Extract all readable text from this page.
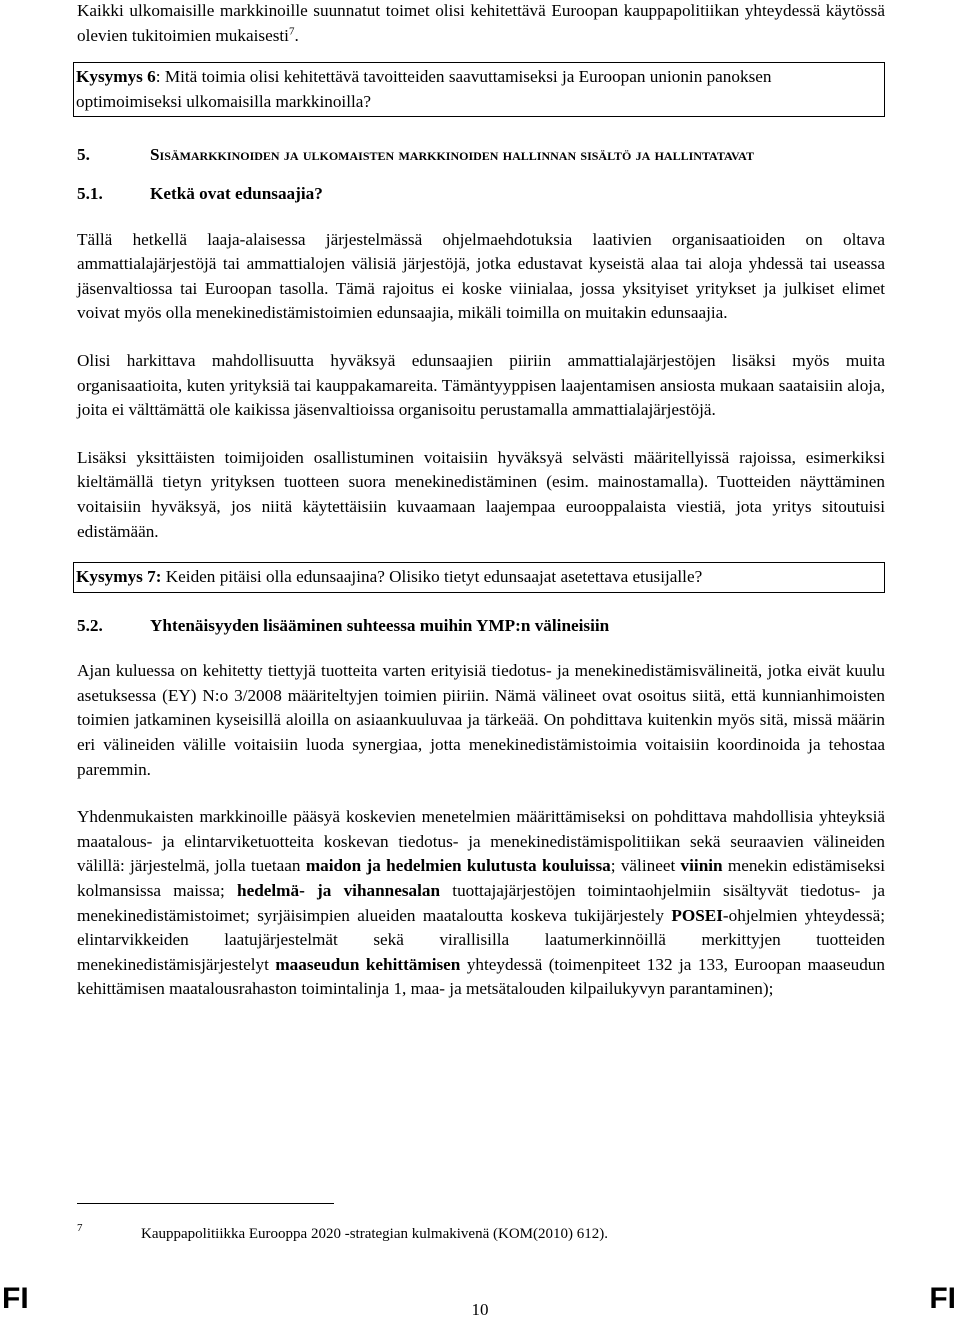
Kaikki ulkomaisille markkinoille suunnatut toimet olisi kehitettävä Euroopan kauppapolitiikan yhteydessä käytössä olevien tukitoimien mukaisesti$^7$.

Kysymys 6: Mitä toimia olisi kehitettävä tavoitteiden saavuttamiseksi ja Euroopan unionin panoksen optimoimiseksi ulkomaisilla markkinoilla?
5.	Sisämarkkinoiden ja ulkomaisten markkinoiden hallinnan sisältö ja hallintatavat
5.1.	Ketkä ovat edunsaajia?

Tällä hetkellä laaja-alaisessa järjestelmässä ohjelmaehdotuksia laativien organisaatioiden on oltava ammattialajärjestöjä tai ammattialojen välisiä järjestöjä, jotka edustavat kyseistä alaa tai aloja yhdessä tai useassa jäsenvaltiossa tai Euroopan tasolla. Tämä rajoitus ei koske viinialaa, jossa yksityiset yritykset ja julkiset elimet voivat myös olla menekinedistämistoimien edunsaajia, mikäli toimilla on muitakin edunsaajia.

Olisi harkittava mahdollisuutta hyväksyä edunsaajien piiriin ammattialajärjestöjen lisäksi myös muita organisaatioita, kuten yrityksiä tai kauppakamareita. Tämäntyyppisen laajentamisen ansiosta mukaan saataisiin aloja, joita ei välttämättä ole kaikissa jäsenvaltioissa organisoitu perustamalla ammattialajärjestöjä.

Lisäksi yksittäisten toimijoiden osallistuminen voitaisiin hyväksyä selvästi määritellyissä rajoissa, esimerkiksi kieltämällä tietyn yrityksen tuotteen suora menekinedistäminen (esim. mainostamalla). Tuotteiden näyttäminen voitaisiin hyväksyä, jos niitä käytettäisiin kuvaamaan laajempaa eurooppalaista viestiä, jota yritys sitoutuisi edistämään.

Kysymys 7: Keiden pitäisi olla edunsaajina? Olisiko tietyt edunsaajat asetettava etusijalle?
5.2.	Yhtenäisyyden lisääminen suhteessa muihin YMP:n välineisiin

Ajan kuluessa on kehitetty tiettyjä tuotteita varten erityisiä tiedotus- ja menekinedistämisvälineitä, jotka eivät kuulu asetuksessa (EY) N:o 3/2008 määriteltyjen toimien piiriin. Nämä välineet ovat osoitus siitä, että kunnianhimoisten toimien jatkaminen kyseisillä aloilla on asiaankuuluvaa ja tärkeää. On pohdittava kuitenkin myös sitä, missä määrin eri välineiden välille voitaisiin luoda synergiaa, jotta menekinedistämistoimia voitaisiin koordinoida ja tehostaa paremmin.

Yhdenmukaisten markkinoille pääsyä koskevien menetelmien määrittämiseksi on pohdittava mahdollisia yhteyksiä maatalous- ja elintarviketuotteita koskevan tiedotus- ja menekinedistämispolitiikan sekä seuraavien välineiden välillä: järjestelmä, jolla tuetaan maidon ja hedelmien kulutusta kouluissa; välineet viinin menekin edistämiseksi kolmansissa maissa; hedelmä- ja vihannesalan tuottajajärjestöjen toimintaohjelmiin sisältyvät tiedotus- ja menekinedistämistoimet; syrjäisimpien alueiden maataloutta koskeva tukijärjestely POSEI-ohjelmien yhteydessä; elintarvikkeiden laatujärjestelmät sekä virallisilla laatumerkinnöillä merkittyjen tuotteiden menekinedistämisjärjestelyt maaseudun kehittämisen yhteydessä (toimenpiteet 132 ja 133, Euroopan maaseudun kehittämisen maatalousrahaston toimintalinja 1, maa- ja metsätalouden kilpailukyvyn parantaminen);

7	Kauppapolitiikka Eurooppa 2020 -strategian kulmakivenä (KOM(2010) 612).
FI	10	FI
